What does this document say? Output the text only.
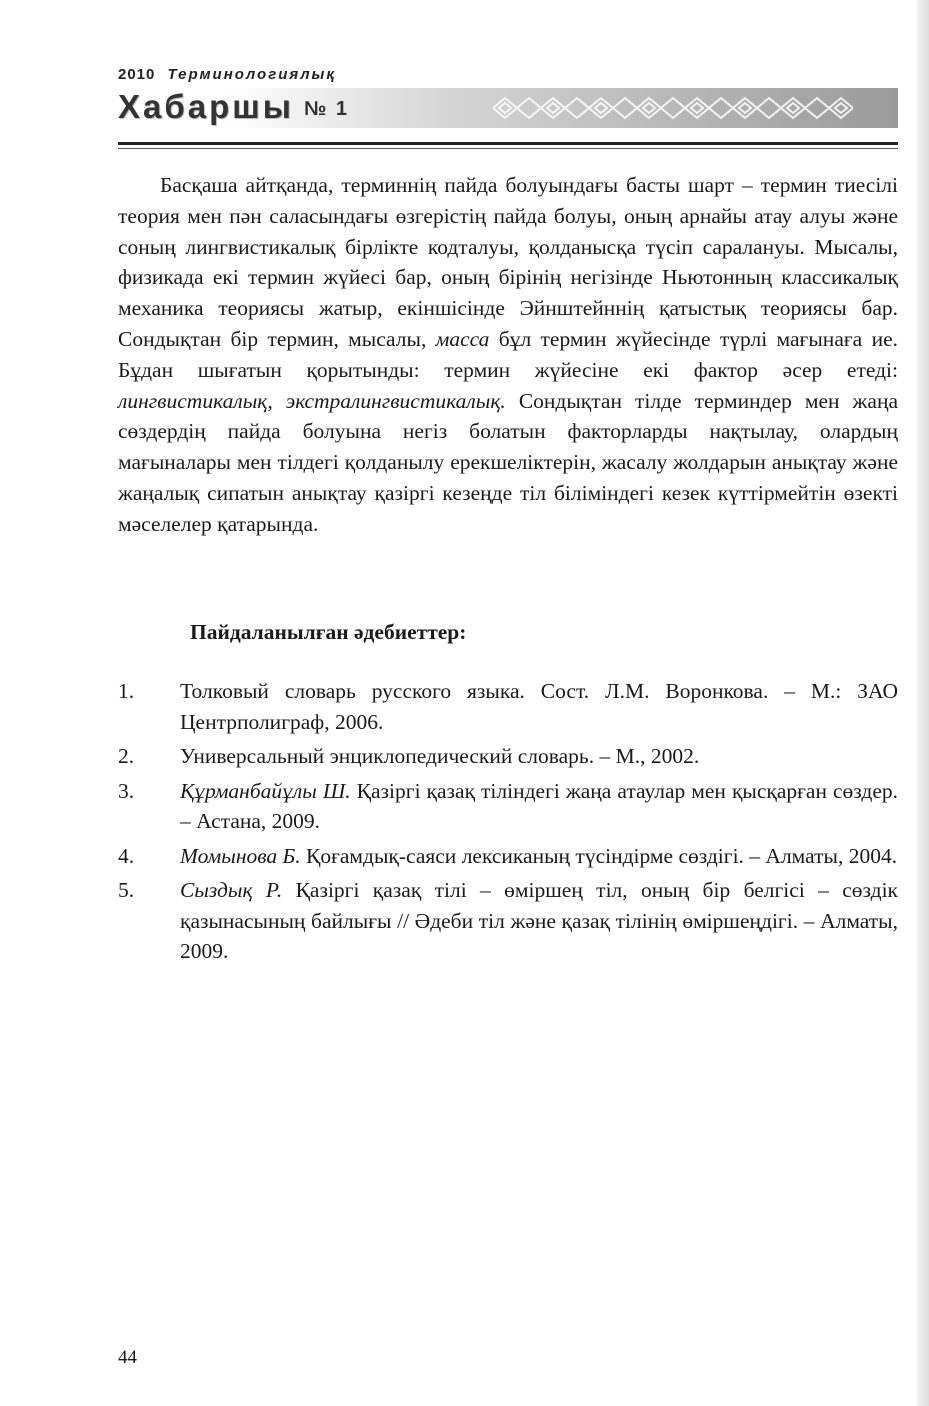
2010 Терминологиялық
Хабаршы № 1

Басқаша айтқанда, терминнің пайда болуындағы басты шарт – термин тиесілі теория мен пән саласындағы өзгерістің пайда болуы, оның арнайы атау алуы және соның лингвистикалық бірлікте кодталуы, қолданысқа түсіп саралануы. Мысалы, физикада екі термин жүйесі бар, оның бірінің негізінде Ньютонның классикалық механика теориясы жатыр, екіншісінде Эйнштейннің қатыстық теориясы бар. Сондықтан бір термин, мысалы, масса бұл термин жүйесінде түрлі мағынаға ие. Бұдан шығатын қорытынды: термин жүйесіне екі фактор әсер етеді: лингвистикалық, экстралингвистикалық. Сондықтан тілде терминдер мен жаңа сөздердің пайда болуына негіз болатын факторларды нақтылау, олардың мағыналары мен тілдегі қолданылу ерекшеліктерін, жасалу жолдарын анықтау және жаңалық сипатын анықтау қазіргі кезеңде тіл біліміндегі кезек күттірмейтін өзекті мәселелер қатарында.

Пайдаланылған әдебиеттер:
1. Толковый словарь русского языка. Сост. Л.М. Воронкова. – М.: ЗАО Центрполиграф, 2006.
2. Универсальный энциклопедический словарь. – М., 2002.
3. Құрманбайұлы Ш. Қазіргі қазақ тіліндегі жаңа атаулар мен қысқарған сөздер. – Астана, 2009.
4. Момынова Б. Қоғамдық-саяси лексиканың түсіндірме сөздігі. – Алматы, 2004.
5. Сыздық Р. Қазіргі қазақ тілі – өміршең тіл, оның бір белгісі – сөздік қазынасының байлығы // Әдеби тіл және қазақ тілінің өміршеңдігі. – Алматы, 2009.
44
